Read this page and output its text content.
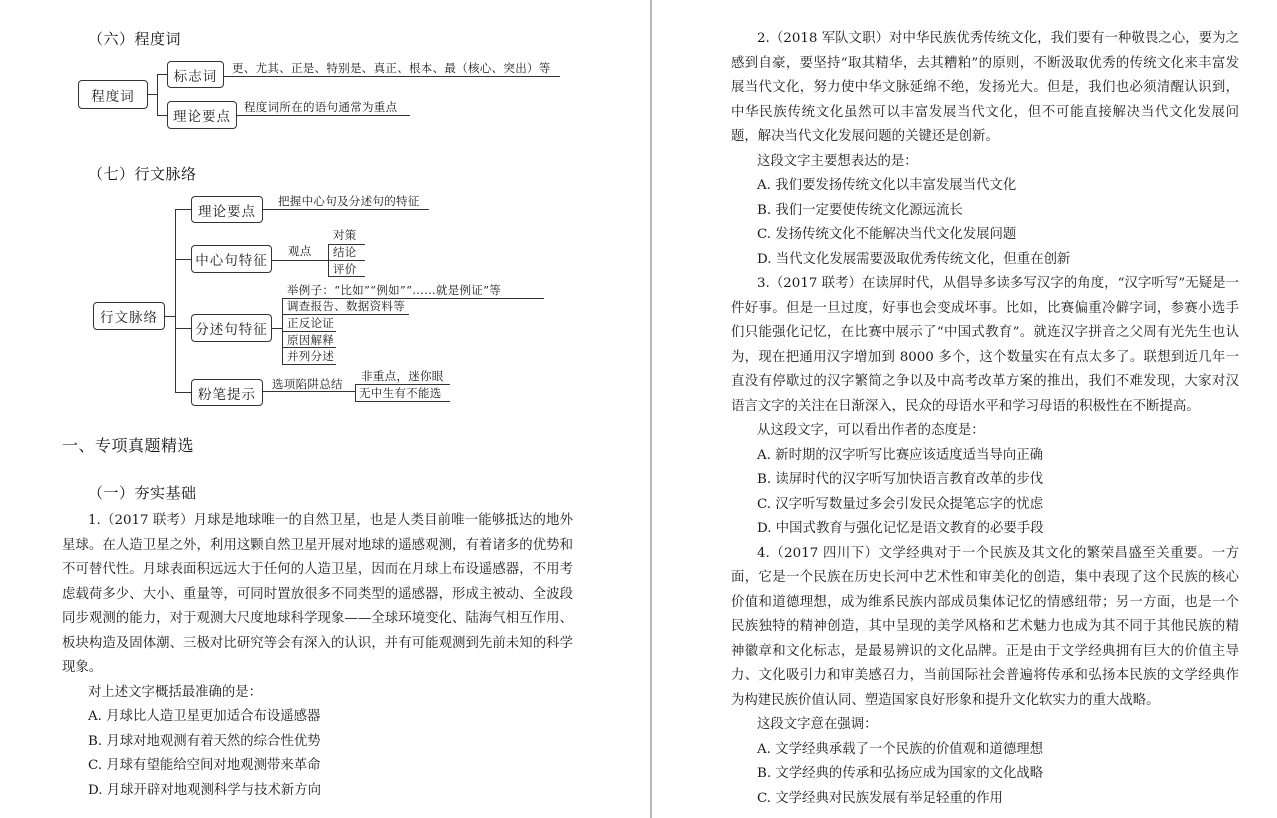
（六）程度词
程度词
标志词
更、尤其、正是、特别是、真正、根本、最（核心、突出）等
理论要点
程度词所在的语句通常为重点
（七）行文脉络
行文脉络
理论要点
把握中心句及分述句的特征
中心句特征
观点
对策
结论
评价
分述句特征
举例子：“比如”“例如”“……就是例证”等
调查报告、数据资料等
正反论证
原因解释
并列分述
粉笔提示
选项陷阱总结
非重点，迷你眼
无中生有不能选
一、专项真题精选
（一）夯实基础

1.（2017 联考）月球是地球唯一的自然卫星，也是人类目前唯一能够抵达的地外星球。在人造卫星之外，利用这颗自然卫星开展对地球的遥感观测，有着诸多的优势和不可替代性。月球表面积远远大于任何的人造卫星，因而在月球上布设遥感器，不用考虑载荷多少、大小、重量等，可同时置放很多不同类型的遥感器，形成主被动、全波段同步观测的能力，对于观测大尺度地球科学现象——全球环境变化、陆海气相互作用、板块构造及固体潮、三极对比研究等会有深入的认识，并有可能观测到先前未知的科学现象。

对上述文字概括最准确的是：

A. 月球比人造卫星更加适合布设遥感器

B. 月球对地观测有着天然的综合性优势

C. 月球有望能给空间对地观测带来革命

D. 月球开辟对地观测科学与技术新方向

2.（2018 军队文职）对中华民族优秀传统文化，我们要有一种敬畏之心，要为之感到自豪，要坚持“取其精华，去其糟粕”的原则，不断汲取优秀的传统文化来丰富发展当代文化，努力使中华文脉延绵不绝，发扬光大。但是，我们也必须清醒认识到，中华民族传统文化虽然可以丰富发展当代文化，但不可能直接解决当代文化发展问题，解决当代文化发展问题的关键还是创新。

这段文字主要想表达的是：

A. 我们要发扬传统文化以丰富发展当代文化

B. 我们一定要使传统文化源远流长

C. 发扬传统文化不能解决当代文化发展问题

D. 当代文化发展需要汲取优秀传统文化，但重在创新

3.（2017 联考）在读屏时代，从倡导多读多写汉字的角度，“汉字听写”无疑是一件好事。但是一旦过度，好事也会变成坏事。比如，比赛偏重冷僻字词，参赛小选手们只能强化记忆，在比赛中展示了“中国式教育”。就连汉字拼音之父周有光先生也认为，现在把通用汉字增加到 8000 多个，这个数量实在有点太多了。联想到近几年一直没有停歇过的汉字繁简之争以及中高考改革方案的推出，我们不难发现，大家对汉语言文字的关注在日渐深入，民众的母语水平和学习母语的积极性在不断提高。

从这段文字，可以看出作者的态度是：

A. 新时期的汉字听写比赛应该适度适当导向正确

B. 读屏时代的汉字听写加快语言教育改革的步伐

C. 汉字听写数量过多会引发民众提笔忘字的忧虑

D. 中国式教育与强化记忆是语文教育的必要手段

4.（2017 四川下）文学经典对于一个民族及其文化的繁荣昌盛至关重要。一方面，它是一个民族在历史长河中艺术性和审美化的创造，集中表现了这个民族的核心价值和道德理想，成为维系民族内部成员集体记忆的情感纽带；另一方面，也是一个民族独特的精神创造，其中呈现的美学风格和艺术魅力也成为其不同于其他民族的精神徽章和文化标志，是最易辨识的文化品牌。正是由于文学经典拥有巨大的价值主导力、文化吸引力和审美感召力，当前国际社会普遍将传承和弘扬本民族的文学经典作为构建民族价值认同、塑造国家良好形象和提升文化软实力的重大战略。

这段文字意在强调：

A. 文学经典承载了一个民族的价值观和道德理想

B. 文学经典的传承和弘扬应成为国家的文化战略

C. 文学经典对民族发展有举足轻重的作用
